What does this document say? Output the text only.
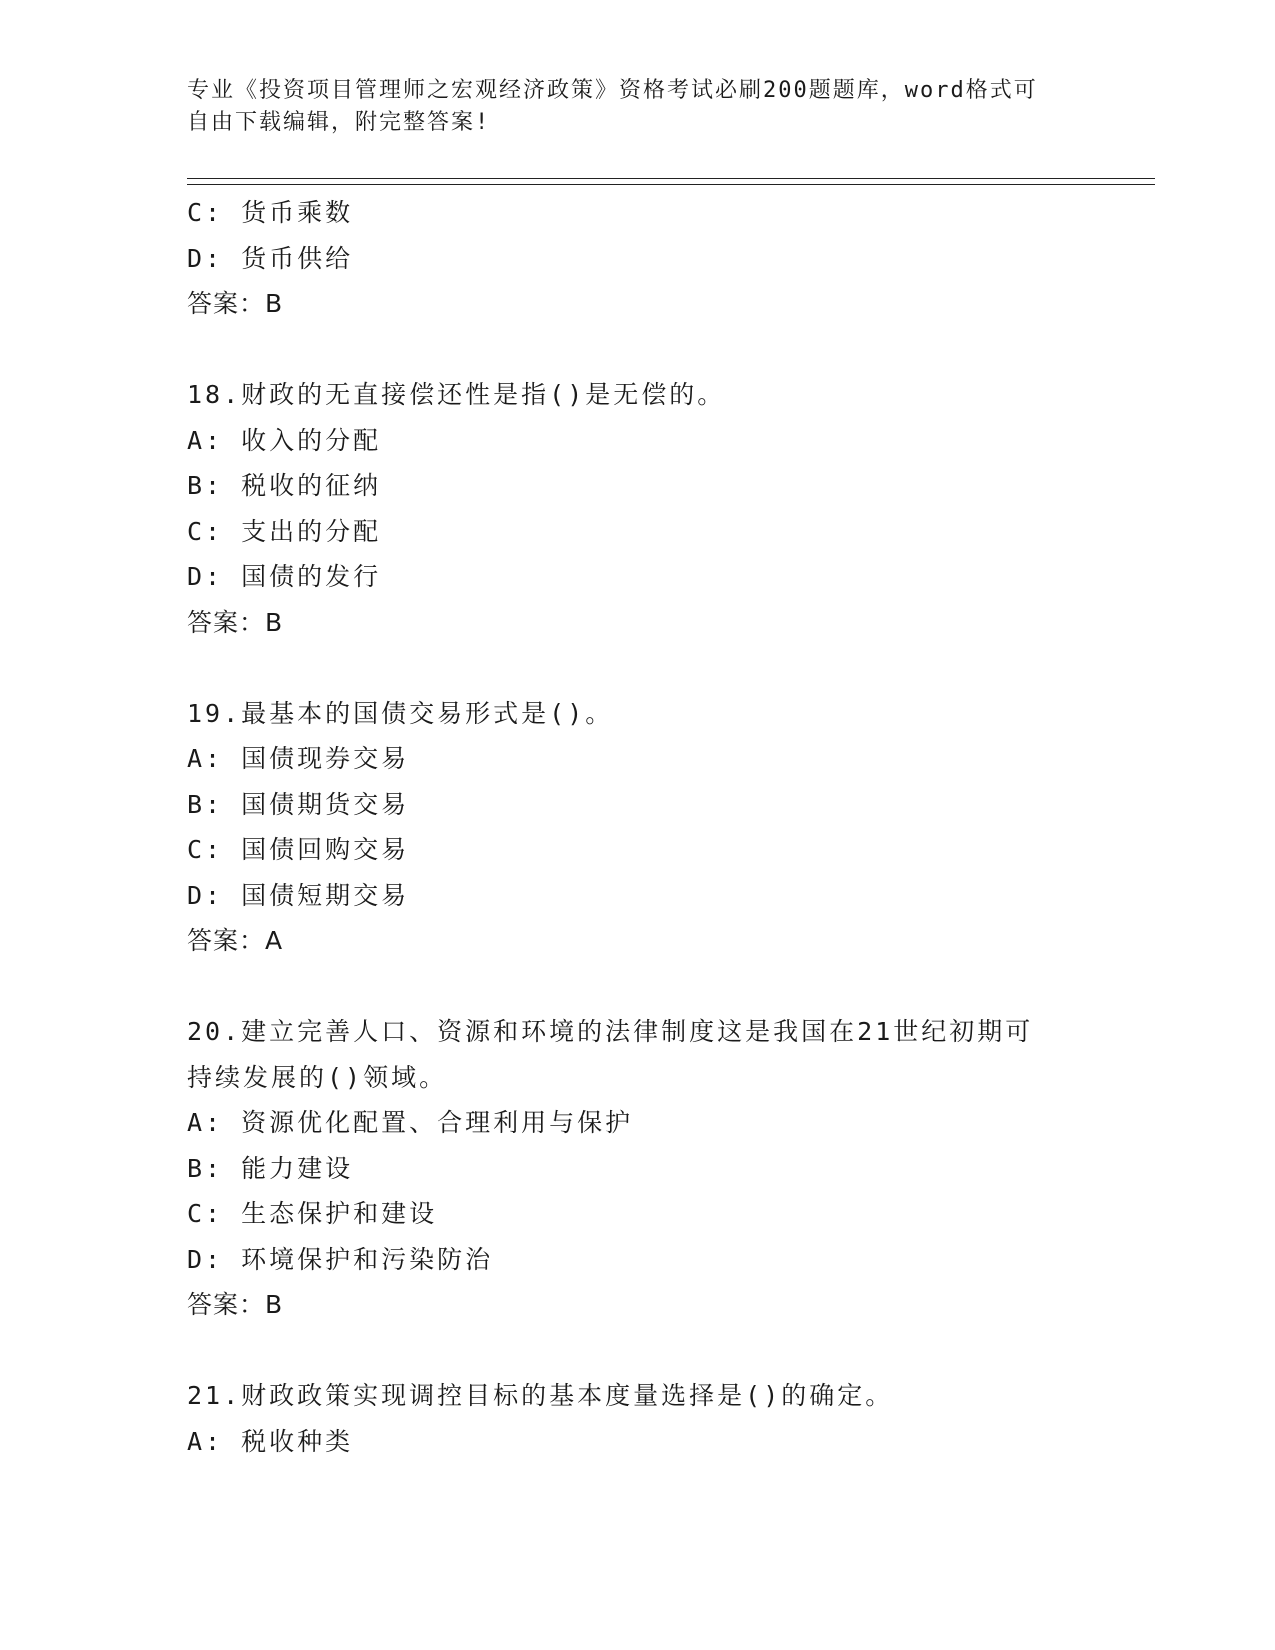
专业《投资项目管理师之宏观经济政策》资格考试必刷200题题库，word格式可
自由下载编辑，附完整答案!
C: 货币乘数
D: 货币供给
答案：B
18.财政的无直接偿还性是指()是无偿的。
A: 收入的分配
B: 税收的征纳
C: 支出的分配
D: 国债的发行
答案：B
19.最基本的国债交易形式是()。
A: 国债现券交易
B: 国债期货交易
C: 国债回购交易
D: 国债短期交易
答案：A
20.建立完善人口、资源和环境的法律制度这是我国在21世纪初期可
持续发展的()领域。
A: 资源优化配置、合理利用与保护
B: 能力建设
C: 生态保护和建设
D: 环境保护和污染防治
答案：B
21.财政政策实现调控目标的基本度量选择是()的确定。
A: 税收种类
